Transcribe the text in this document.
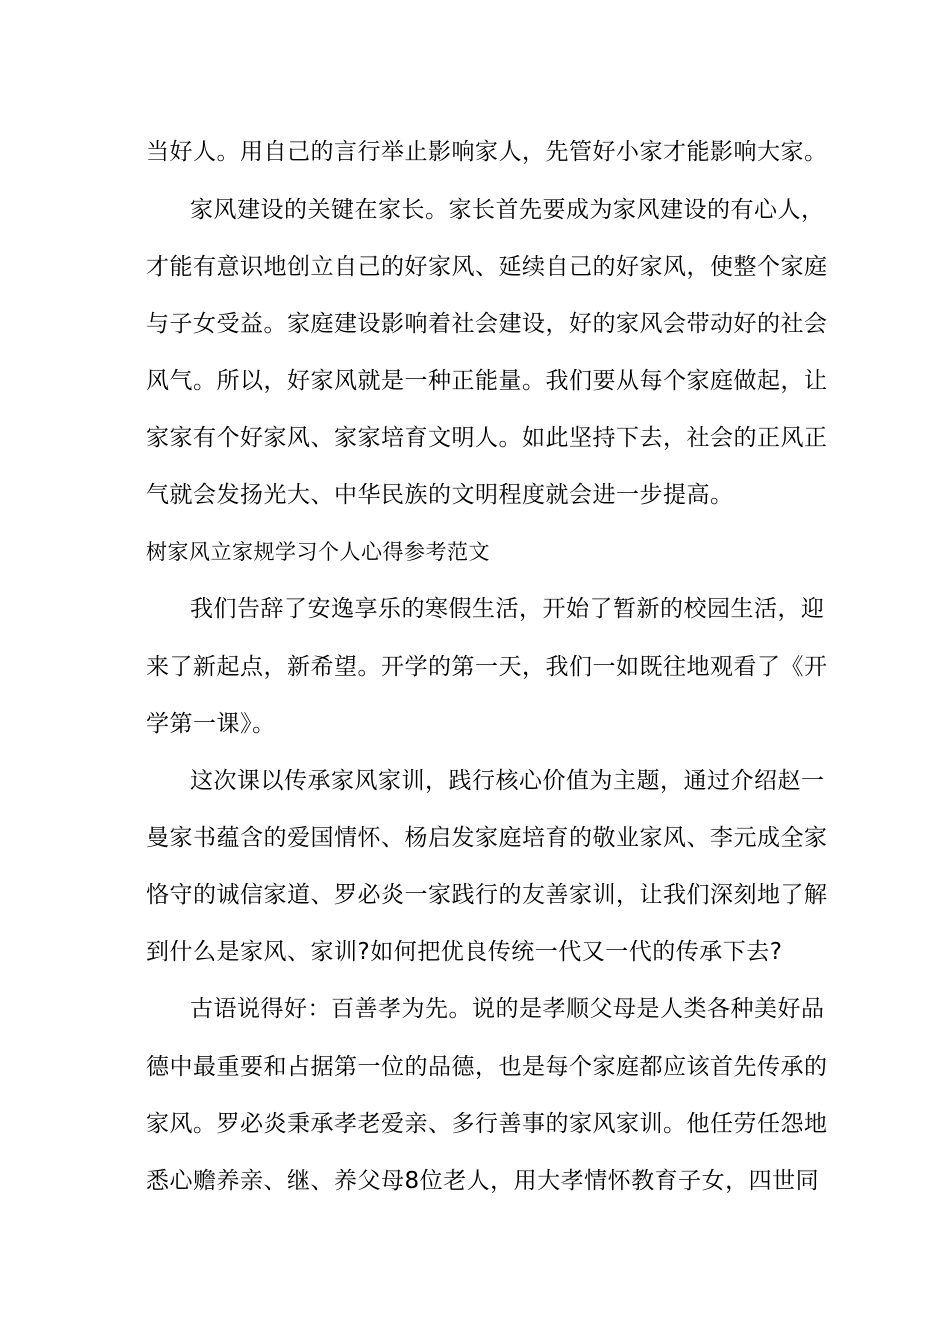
当好人。用自己的言行举止影响家人，先管好小家才能影响大家。
家风建设的关键在家长。家长首先要成为家风建设的有心人，
才能有意识地创立自己的好家风、延续自己的好家风，使整个家庭
与子女受益。家庭建设影响着社会建设，好的家风会带动好的社会
风气。所以，好家风就是一种正能量。我们要从每个家庭做起，让
家家有个好家风、家家培育文明人。如此坚持下去，社会的正风正
气就会发扬光大、中华民族的文明程度就会进一步提高。
树家风立家规学习个人心得参考范文
我们告辞了安逸享乐的寒假生活，开始了暂新的校园生活，迎
来了新起点，新希望。开学的第一天，我们一如既往地观看了《开
学第一课》。
这次课以传承家风家训，践行核心价值为主题，通过介绍赵一
曼家书蕴含的爱国情怀、杨启发家庭培育的敬业家风、李元成全家
恪守的诚信家道、罗必炎一家践行的友善家训，让我们深刻地了解
到什么是家风、家训?如何把优良传统一代又一代的传承下去?
古语说得好：百善孝为先。说的是孝顺父母是人类各种美好品
德中最重要和占据第一位的品德，也是每个家庭都应该首先传承的
家风。罗必炎秉承孝老爱亲、多行善事的家风家训。他任劳任怨地
悉心赡养亲、继、养父母8位老人，用大孝情怀教育子女，四世同
